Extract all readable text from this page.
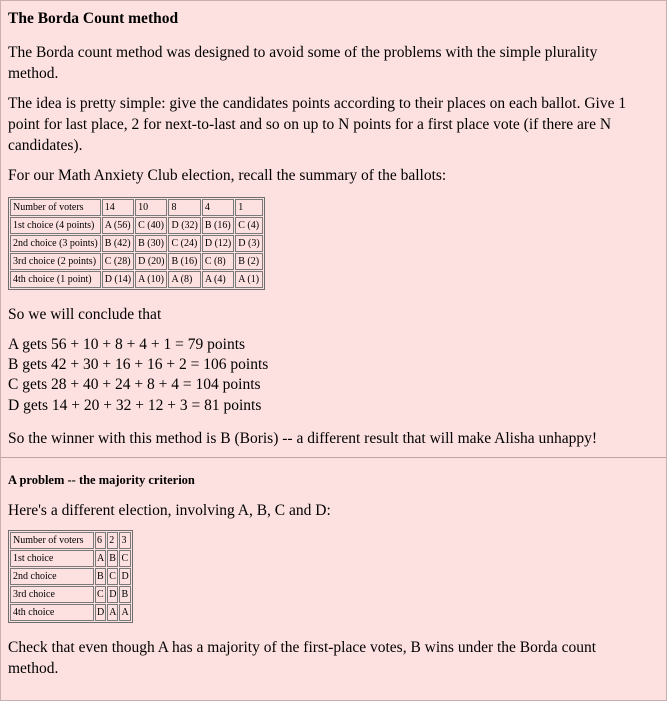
The Borda Count method

The Borda count method was designed to avoid some of the problems with the simple plurality method.

The idea is pretty simple: give the candidates points according to their places on each ballot. Give 1 point for last place, 2 for next-to-last and so on up to N points for a first place vote (if there are N candidates).

For our Math Anxiety Club election, recall the summary of the ballots:

Number of voters	14	10	8	4	1
1st choice (4 points)	A (56)	C (40)	D (32)	B (16)	C (4)
2nd choice (3 points)	B (42)	B (30)	C (24)	D (12)	D (3)
3rd choice (2 points)	C (28)	D (20)	B (16)	C (8)	B (2)
4th choice (1 point)	D (14)	A (10)	A (8)	A (4)	A (1)

So we will conclude that

A gets 56 + 10 + 8 + 4 + 1 = 79 points
B gets 42 + 30 + 16 + 16 + 2 = 106 points
C gets 28 + 40 + 24 + 8 + 4 = 104 points
D gets 14 + 20 + 32 + 12 + 3 = 81 points

So the winner with this method is B (Boris) -- a different result that will make Alisha unhappy!

A problem -- the majority criterion

Here's a different election, involving A, B, C and D:

Number of voters	6	2	3
1st choice	A	B	C
2nd choice	B	C	D
3rd choice	C	D	B
4th choice	D	A	A

Check that even though A has a majority of the first-place votes, B wins under the Borda count method.
